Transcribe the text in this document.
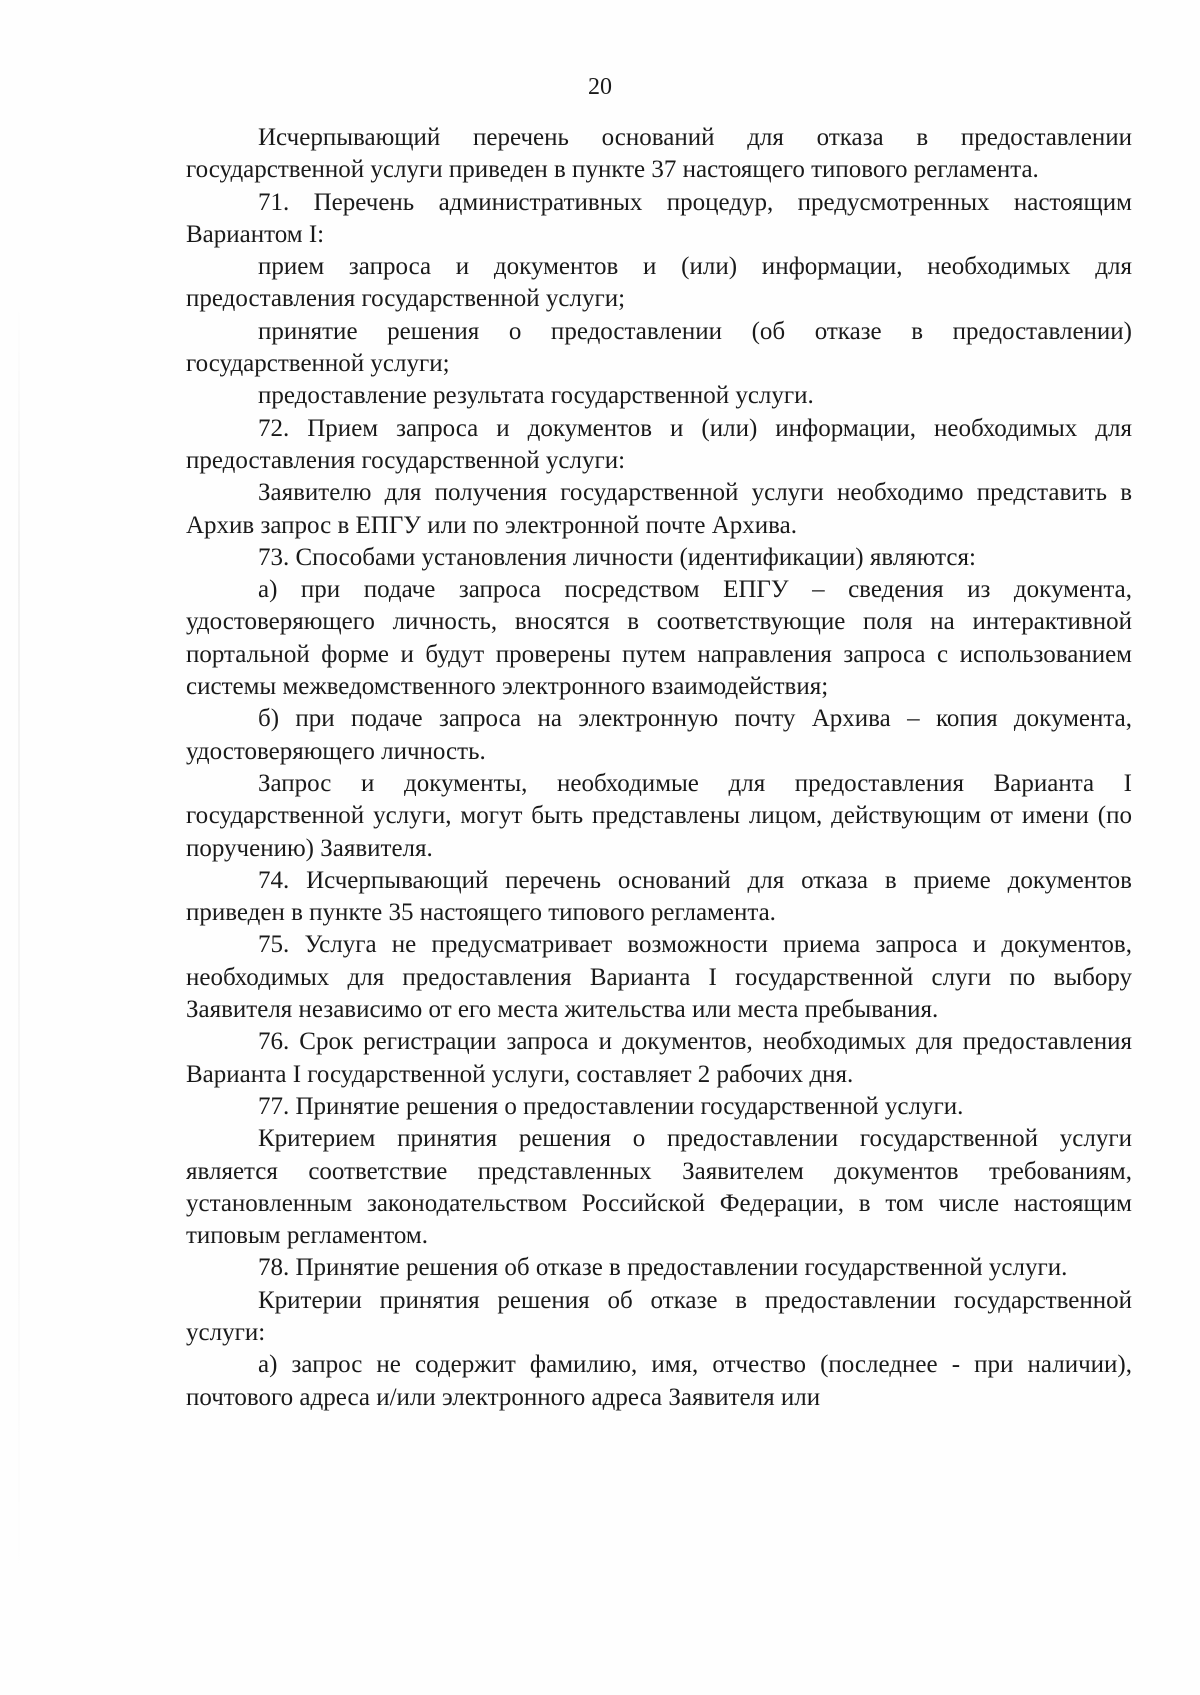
20

Исчерпывающий перечень оснований для отказа в предоставлении государственной услуги приведен в пункте 37 настоящего типового регламента.

71. Перечень административных процедур, предусмотренных настоящим Вариантом I:

прием запроса и документов и (или) информации, необходимых для предоставления государственной услуги;

принятие решения о предоставлении (об отказе в предоставлении) государственной услуги;

предоставление результата государственной услуги.

72. Прием запроса и документов и (или) информации, необходимых для предоставления государственной услуги:

Заявителю для получения государственной услуги необходимо представить в Архив запрос в ЕПГУ или по электронной почте Архива.

73. Способами установления личности (идентификации) являются:

а) при подаче запроса посредством ЕПГУ – сведения из документа, удостоверяющего личность, вносятся в соответствующие поля на интерактивной портальной форме и будут проверены путем направления запроса с использованием системы межведомственного электронного взаимодействия;

б) при подаче запроса на электронную почту Архива – копия документа, удостоверяющего личность.

Запрос и документы, необходимые для предоставления Варианта I государственной услуги, могут быть представлены лицом, действующим от имени (по поручению) Заявителя.

74. Исчерпывающий перечень оснований для отказа в приеме документов приведен в пункте 35 настоящего типового регламента.

75. Услуга не предусматривает возможности приема запроса и документов, необходимых для предоставления Варианта I государственной слуги по выбору Заявителя независимо от его места жительства или места пребывания.

76. Срок регистрации запроса и документов, необходимых для предоставления Варианта I государственной услуги, составляет 2 рабочих дня.

77. Принятие решения о предоставлении государственной услуги.

Критерием принятия решения о предоставлении государственной услуги является соответствие представленных Заявителем документов требованиям, установленным законодательством Российской Федерации, в том числе настоящим типовым регламентом.

78. Принятие решения об отказе в предоставлении государственной услуги.

Критерии принятия решения об отказе в предоставлении государственной услуги:

а) запрос не содержит фамилию, имя, отчество (последнее - при наличии), почтового адреса и/или электронного адреса Заявителя или
